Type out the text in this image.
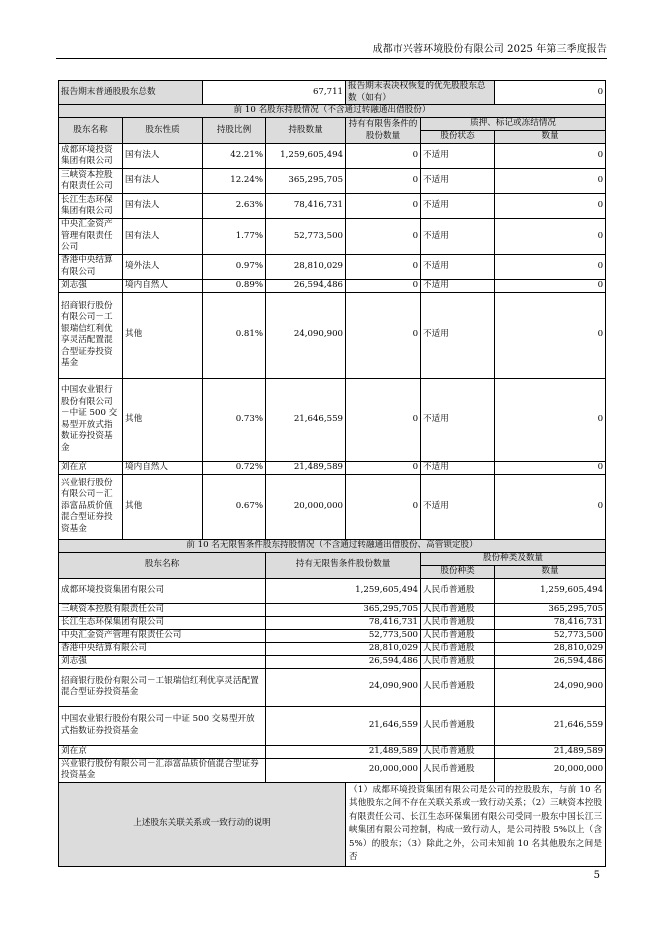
成都市兴蓉环境股份有限公司 2025 年第三季度报告
报告期末普通股股东总数		67,711		报告期末表决权恢复的优先股股东总数（如有）		0
前 10 名股东持股情况（不含通过转融通出借股份）						
股东名称	股东性质	持股比例	持股数量	持有有限售条件的股份数量	质押、标记或冻结情况	
					股份状态	数量
成都环境投资集团有限公司	国有法人	42.21%	1,259,605,494	0	不适用	0
三峡资本控股有限责任公司	国有法人	12.24%	365,295,705	0	不适用	0
长江生态环保集团有限公司	国有法人	2.63%	78,416,731	0	不适用	0
中央汇金资产管理有限责任公司	国有法人	1.77%	52,773,500	0	不适用	0
香港中央结算有限公司	境外法人	0.97%	28,810,029	0	不适用	0
刘志强	境内自然人	0.89%	26,594,486	0	不适用	0
招商银行股份有限公司－工银瑞信红利优享灵活配置混合型证券投资基金	其他	0.81%	24,090,900	0	不适用	0
中国农业银行股份有限公司－中证 500 交易型开放式指数证券投资基金	其他	0.73%	21,646,559	0	不适用	0
刘在京	境内自然人	0.72%	21,489,589	0	不适用	0
兴业银行股份有限公司－汇添富品质价值混合型证券投资基金	其他	0.67%	20,000,000	0	不适用	0
前 10 名无限售条件股东持股情况（不含通过转融通出借股份、高管锁定股）						
股东名称			持有无限售条件股份数量		股份种类及数量	
					股份种类	数量
成都环境投资集团有限公司			1,259,605,494		人民币普通股	1,259,605,494
三峡资本控股有限责任公司			365,295,705		人民币普通股	365,295,705
长江生态环保集团有限公司			78,416,731		人民币普通股	78,416,731
中央汇金资产管理有限责任公司			52,773,500		人民币普通股	52,773,500
香港中央结算有限公司			28,810,029		人民币普通股	28,810,029
刘志强			26,594,486		人民币普通股	26,594,486
招商银行股份有限公司－工银瑞信红利优享灵活配置混合型证券投资基金			24,090,900		人民币普通股	24,090,900
中国农业银行股份有限公司－中证 500 交易型开放式指数证券投资基金			21,646,559		人民币普通股	21,646,559
刘在京			21,489,589		人民币普通股	21,489,589
兴业银行股份有限公司－汇添富品质价值混合型证券投资基金			20,000,000		人民币普通股	20,000,000
上述股东关联关系或一致行动的说明				（1）成都环境投资集团有限公司是公司的控股股东，与前 10 名其他股东之间不存在关联关系或一致行动关系；（2）三峡资本控股有限责任公司、长江生态环保集团有限公司受同一股东中国长江三峡集团有限公司控制，构成一致行动人，是公司持股 5%以上（含 5%）的股东；（3）除此之外，公司未知前 10 名其他股东之间是否		
5
